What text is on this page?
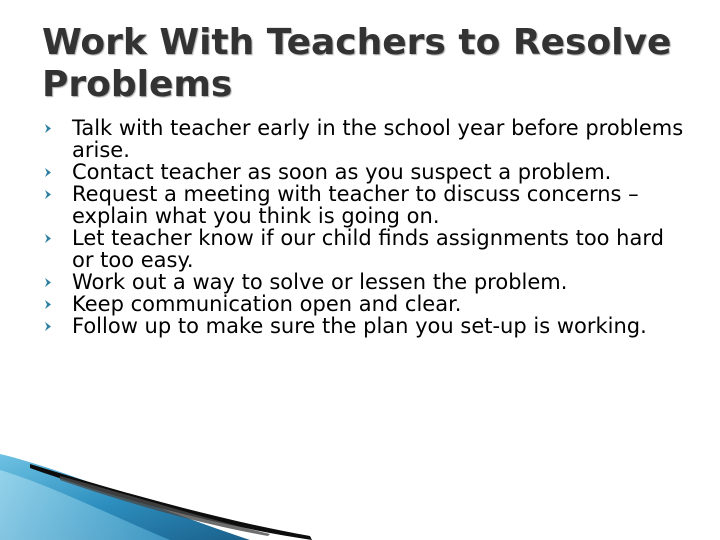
Work With Teachers to Resolve Problems
Talk with teacher early in the school year before problems arise.
Contact teacher as soon as you suspect a problem.
Request a meeting with teacher to discuss concerns – explain what you think is going on.
Let teacher know if our child finds assignments too hard or too easy.
Work out a way to solve or lessen the problem.
Keep communication open and clear.
Follow up to make sure the plan you set-up is working.
